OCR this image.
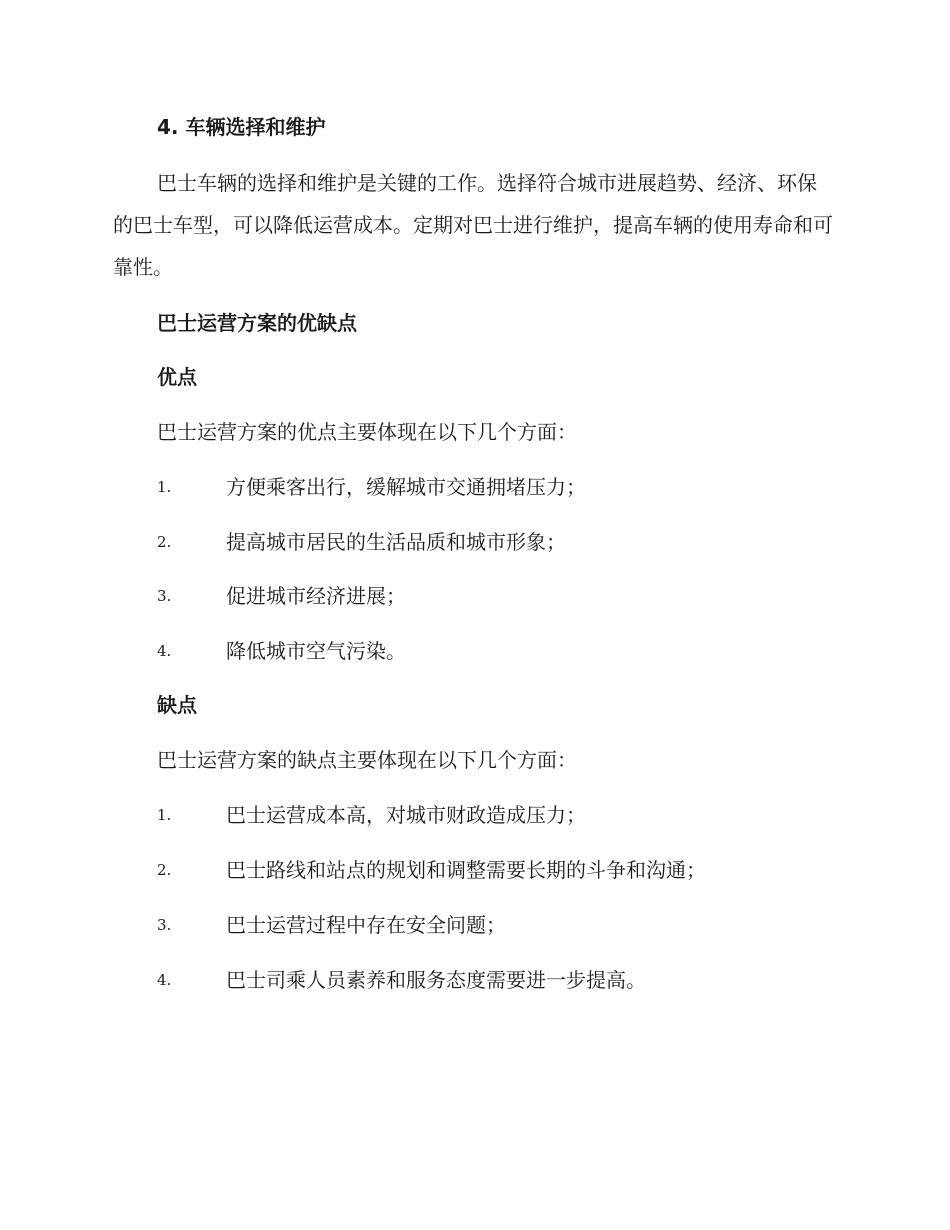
4. 车辆选择和维护
巴士车辆的选择和维护是关键的工作。选择符合城市进展趋势、经济、环保的巴士车型，可以降低运营成本。定期对巴士进行维护，提高车辆的使用寿命和可靠性。
巴士运营方案的优缺点
优点
巴士运营方案的优点主要体现在以下几个方面：
1.	方便乘客出行，缓解城市交通拥堵压力；
2.	提高城市居民的生活品质和城市形象；
3.	促进城市经济进展；
4.	降低城市空气污染。
缺点
巴士运营方案的缺点主要体现在以下几个方面：
1.	巴士运营成本高，对城市财政造成压力；
2.	巴士路线和站点的规划和调整需要长期的斗争和沟通；
3.	巴士运营过程中存在安全问题；
4.	巴士司乘人员素养和服务态度需要进一步提高。
